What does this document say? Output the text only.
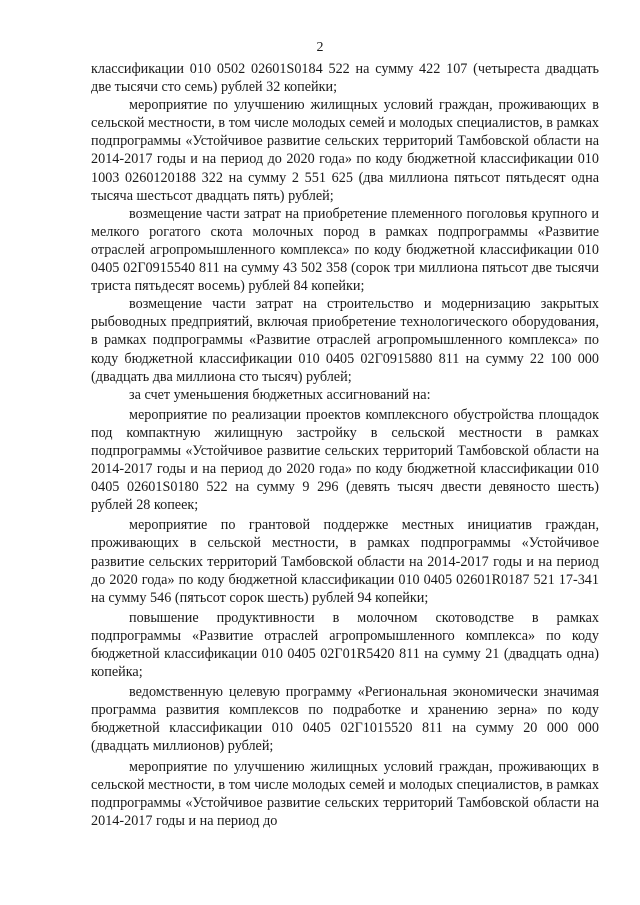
2

классификации 010 0502 02601S0184 522 на сумму 422 107 (четыреста двадцать две тысячи сто семь) рублей 32 копейки;

мероприятие по улучшению жилищных условий граждан, проживающих в сельской местности, в том числе молодых семей и молодых специалистов, в рамках подпрограммы «Устойчивое развитие сельских территорий Тамбовской области на 2014-2017 годы и на период до 2020 года» по коду бюджетной классификации 010 1003 0260120188 322 на сумму 2 551 625 (два миллиона пятьсот пятьдесят одна тысяча шестьсот двадцать пять) рублей;

возмещение части затрат на приобретение племенного поголовья крупного и мелкого рогатого скота молочных пород в рамках подпрограммы «Развитие отраслей агропромышленного комплекса» по коду бюджетной классификации 010 0405 02Г0915540 811 на сумму 43 502 358 (сорок три миллиона пятьсот две тысячи триста пятьдесят восемь) рублей 84 копейки;

возмещение части затрат на строительство и модернизацию закрытых рыбоводных предприятий, включая приобретение технологического оборудования, в рамках подпрограммы «Развитие отраслей агропромышленного комплекса» по коду бюджетной классификации 010 0405 02Г0915880 811 на сумму 22 100 000 (двадцать два миллиона сто тысяч) рублей;

за счет уменьшения бюджетных ассигнований на:

мероприятие по реализации проектов комплексного обустройства площадок под компактную жилищную застройку в сельской местности в рамках подпрограммы «Устойчивое развитие сельских территорий Тамбовской области на 2014-2017 годы и на период до 2020 года» по коду бюджетной классификации 010 0405 02601S0180 522 на сумму 9 296 (девять тысяч двести девяносто шесть) рублей 28 копеек;

мероприятие по грантовой поддержке местных инициатив граждан, проживающих в сельской местности, в рамках подпрограммы «Устойчивое развитие сельских территорий Тамбовской области на 2014-2017 годы и на период до 2020 года» по коду бюджетной классификации 010 0405 02601R0187 521 17-341 на сумму 546 (пятьсот сорок шесть) рублей 94 копейки;

повышение продуктивности в молочном скотоводстве в рамках подпрограммы «Развитие отраслей агропромышленного комплекса» по коду бюджетной классификации 010 0405 02Г01R5420 811 на сумму 21 (двадцать одна) копейка;

ведомственную целевую программу «Региональная экономически значимая программа развития комплексов по подработке и хранению зерна» по коду бюджетной классификации 010 0405 02Г1015520 811 на сумму 20 000 000 (двадцать миллионов) рублей;

мероприятие по улучшению жилищных условий граждан, проживающих в сельской местности, в том числе молодых семей и молодых специалистов, в рамках подпрограммы «Устойчивое развитие сельских территорий Тамбовской области на 2014-2017 годы и на период до
